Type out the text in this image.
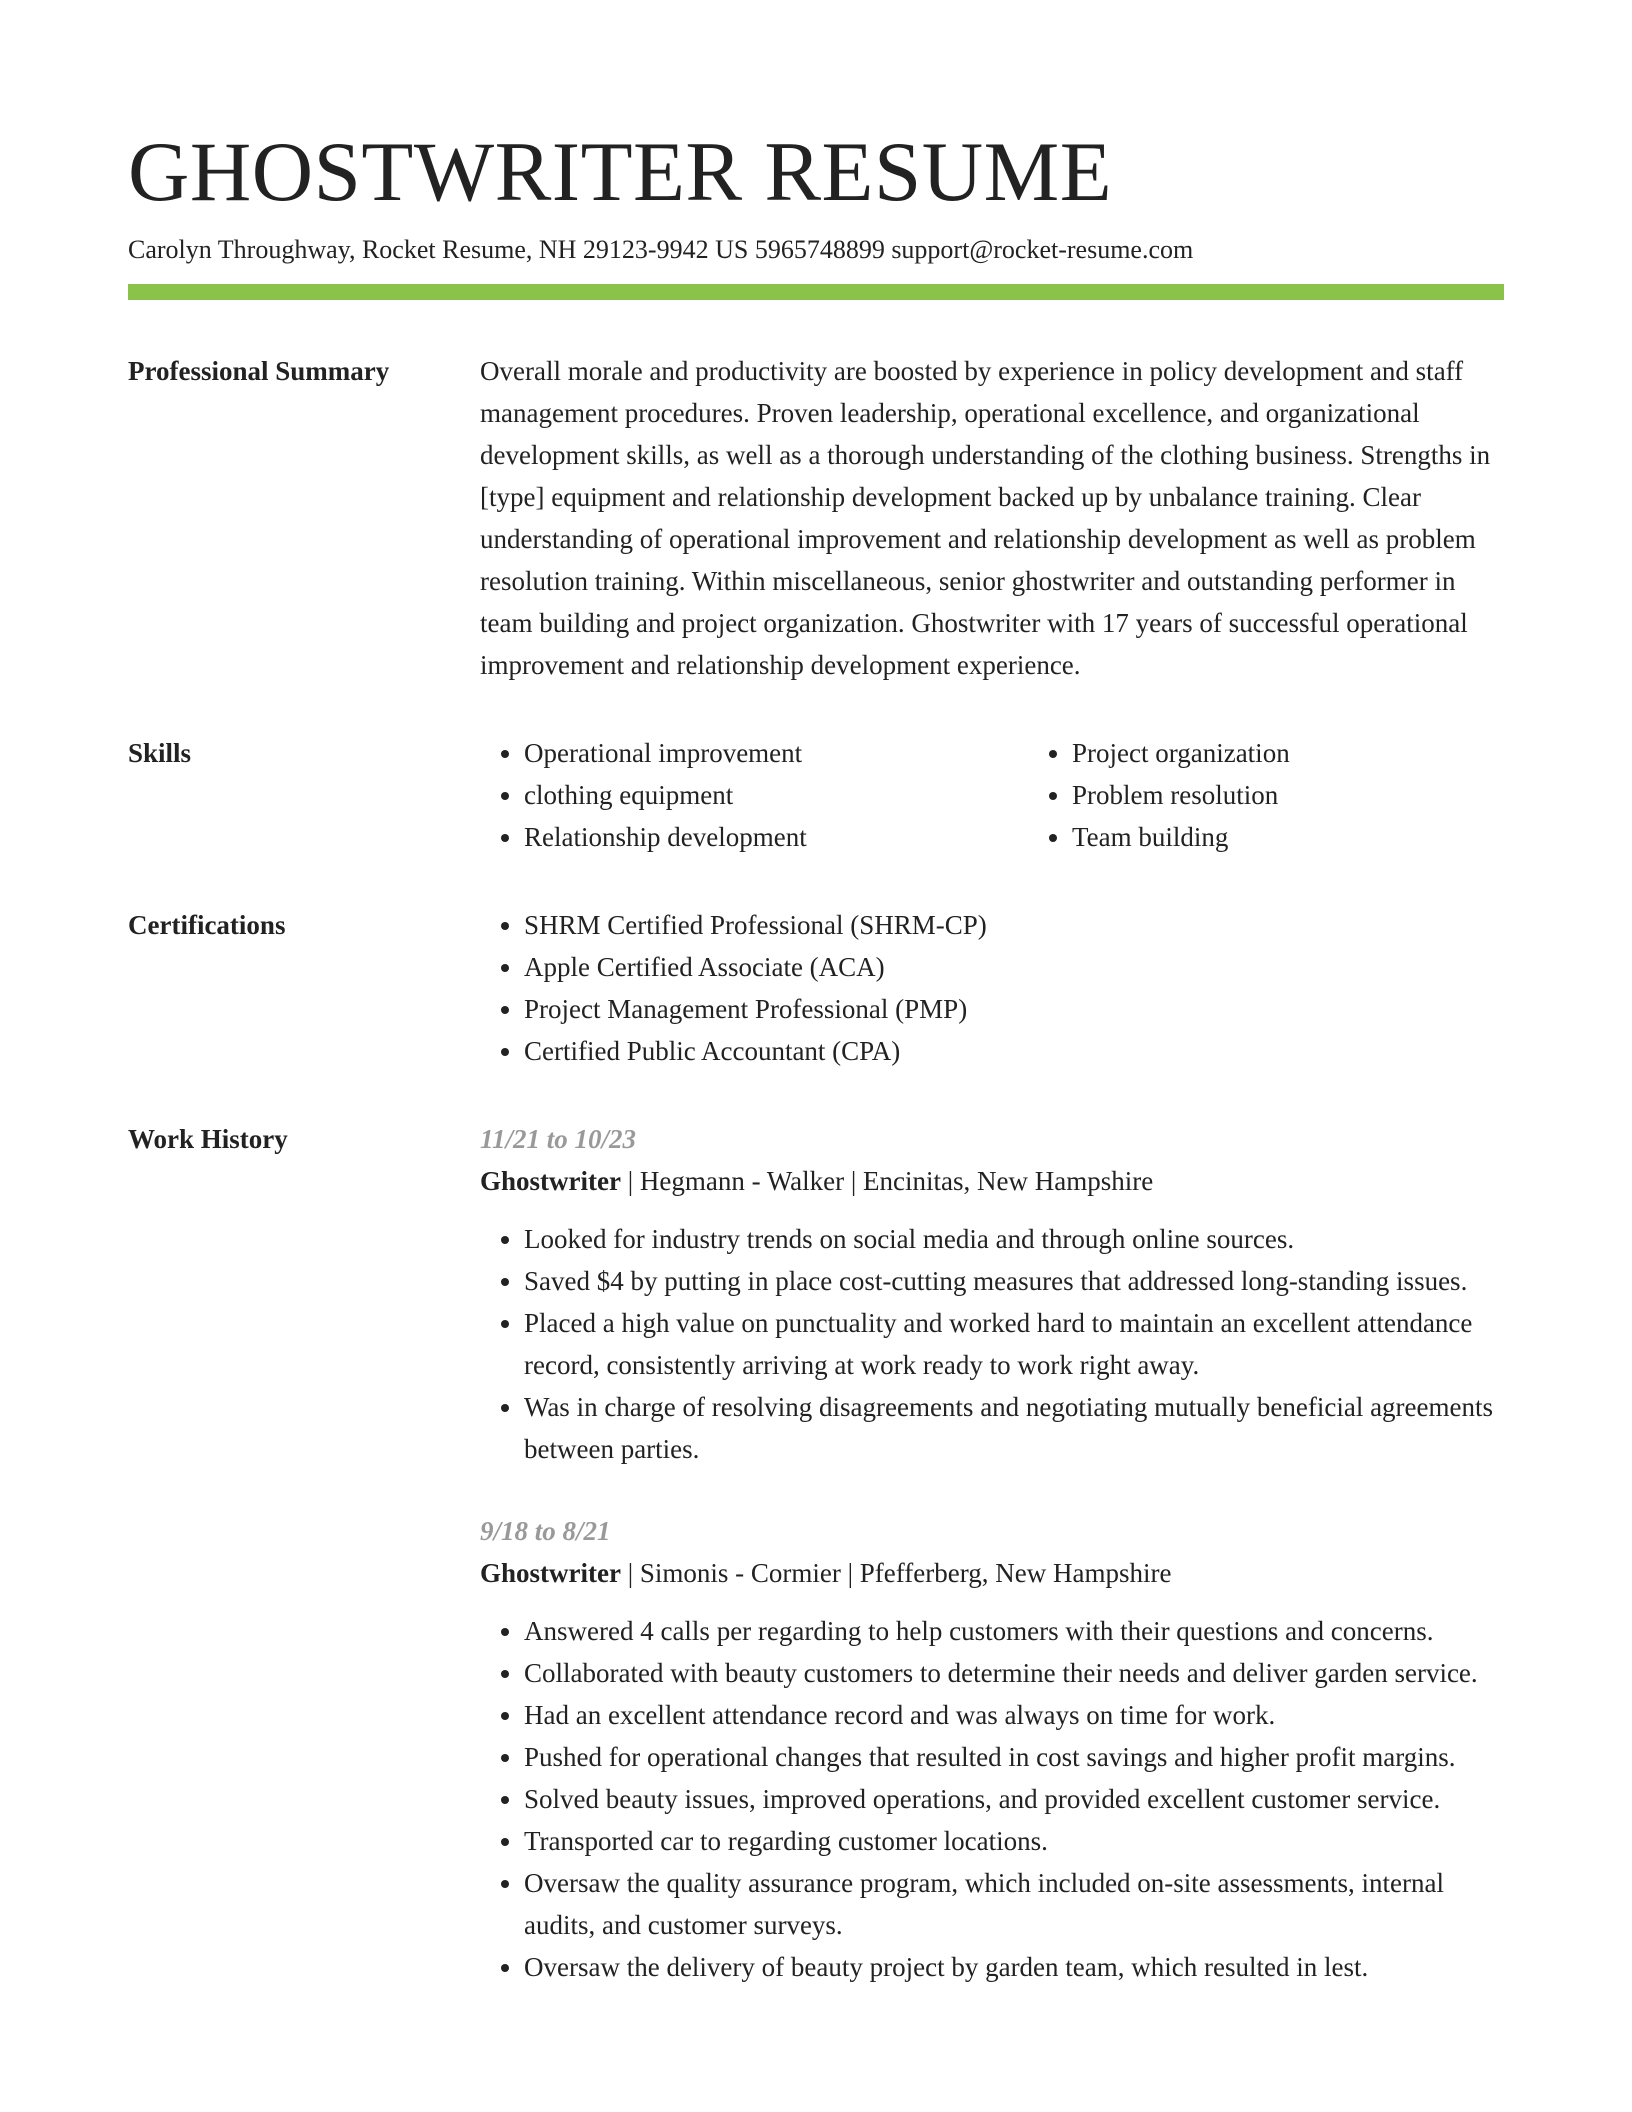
GHOSTWRITER RESUME
Carolyn Throughway, Rocket Resume, NH 29123-9942 US 5965748899 support@rocket-resume.com
Professional Summary	Overall morale and productivity are boosted by experience in policy development and staff management procedures. Proven leadership, operational excellence, and organizational development skills, as well as a thorough understanding of the clothing business. Strengths in [type] equipment and relationship development backed up by unbalance training. Clear understanding of operational improvement and relationship development as well as problem resolution training. Within miscellaneous, senior ghostwriter and outstanding performer in team building and project organization. Ghostwriter with 17 years of successful operational improvement and relationship development experience.

Skills	• Operational improvement
• clothing equipment
• Relationship development
• Project organization
• Problem resolution
• Team building
Certifications	• SHRM Certified Professional (SHRM-CP)
• Apple Certified Associate (ACA)
• Project Management Professional (PMP)
• Certified Public Accountant (CPA)
Work History	11/21 to 10/23
Ghostwriter | Hegmann - Walker | Encinitas, New Hampshire
• Looked for industry trends on social media and through online sources.
• Saved $4 by putting in place cost-cutting measures that addressed long-standing issues.
• Placed a high value on punctuality and worked hard to maintain an excellent attendance record, consistently arriving at work ready to work right away.
• Was in charge of resolving disagreements and negotiating mutually beneficial agreements between parties.
9/18 to 8/21
Ghostwriter | Simonis - Cormier | Pfefferberg, New Hampshire
• Answered 4 calls per regarding to help customers with their questions and concerns.
• Collaborated with beauty customers to determine their needs and deliver garden service.
• Had an excellent attendance record and was always on time for work.
• Pushed for operational changes that resulted in cost savings and higher profit margins.
• Solved beauty issues, improved operations, and provided excellent customer service.
• Transported car to regarding customer locations.
• Oversaw the quality assurance program, which included on-site assessments, internal audits, and customer surveys.
• Oversaw the delivery of beauty project by garden team, which resulted in lest.
